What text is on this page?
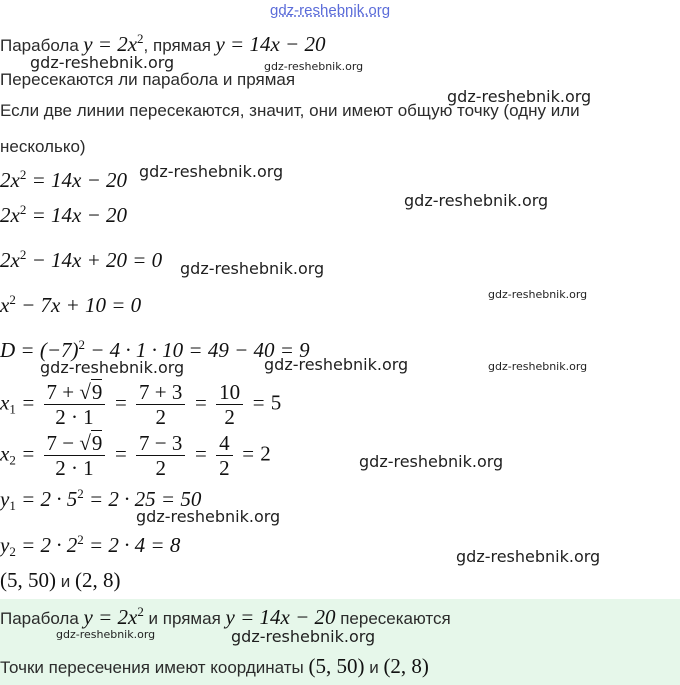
gdz-reshebnik.org
Парабола $y = 2x^2$, прямая y = 14x − 20
Пересекаются ли парабола и прямая
Если две линии пересекаются, значит, они имеют общую точку (одну или
несколько)
$2x^2 = 14x - 20$
$2x^2 = 14x - 20$
$2x^2 - 14x + 20 = 0$
$x^2 - 7x + 10 = 0$
$D = (-7)^2 - 4 \cdot 1 \cdot 10 = 49 - 40 = 9$
$x_1 = \frac{7 + √9}{2 \cdot 1} = \frac{7 + 3}{2} = \frac{10}{2} = 5$
$x_2 = \frac{7 - √9}{2 \cdot 1} = \frac{7 - 3}{2} = \frac{4}{2} = 2$
$y_1 = 2 \cdot 5^2 = 2 \cdot 25 = 50$
$y_2 = 2 \cdot 2^2 = 2 \cdot 4 = 8$
(5, 50) и (2, 8)
Парабола $y = 2x^2$ и прямая y = 14x − 20 пересекаются
Точки пересечения имеют координаты (5, 50) и (2, 8)
gdz-reshebnik.org	gdz-reshebnik.org
gdz-reshebnik.org
gdz-reshebnik.org
gdz-reshebnik.org
gdz-reshebnik.org
gdz-reshebnik.org
gdz-reshebnik.org	gdz-reshebnik.org	gdz-reshebnik.org
gdz-reshebnik.org
gdz-reshebnik.org
gdz-reshebnik.org
gdz-reshebnik.org	gdz-reshebnik.org
